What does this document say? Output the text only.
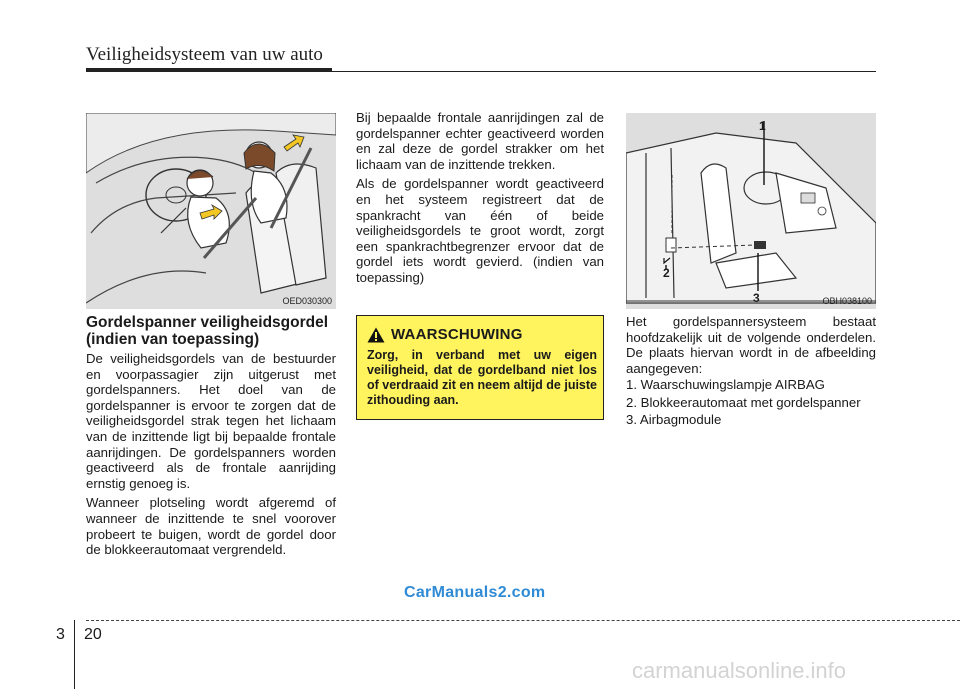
Veiligheidsysteem van uw auto
OED030300
Gordelspanner veiligheidsgordel (indien van toepassing)

De veiligheidsgordels van de bestuurder en voorpassagier zijn uitgerust met gordelspanners. Het doel van de gordelspanner is ervoor te zorgen dat de veiligheidsgordel strak tegen het lichaam van de inzittende ligt bij bepaalde frontale aanrijdingen. De gordelspanners worden geactiveerd als de frontale aanrijding ernstig genoeg is.

Wanneer plotseling wordt afgeremd of wanneer de inzittende te snel voorover probeert te buigen, wordt de gordel door de blokkeerautomaat vergrendeld.

Bij bepaalde frontale aanrijdingen zal de gordelspanner echter geactiveerd worden en zal deze de gordel strakker om het lichaam van de inzittende trekken.

Als de gordelspanner wordt geactiveerd en het systeem registreert dat de spankracht van één of beide veiligheidsgordels te groot wordt, zorgt een spankrachtbegrenzer ervoor dat de gordel iets wordt gevierd. (indien van toepassing)

WAARSCHUWING
Zorg, in verband met uw eigen veiligheid, dat de gordelband niet los of verdraaid zit en neem altijd de juiste zithouding aan.
1
2
3	OBH038100
Het gordelspannersysteem bestaat hoofdzakelijk uit de volgende onderdelen. De plaats hiervan wordt in de afbeelding aangegeven:
1. Waarschuwingslampje AIRBAG
2. Blokkeerautomaat met gordelspanner
3. Airbagmodule
CarManuals2.com
3 20
carmanualsonline.info
